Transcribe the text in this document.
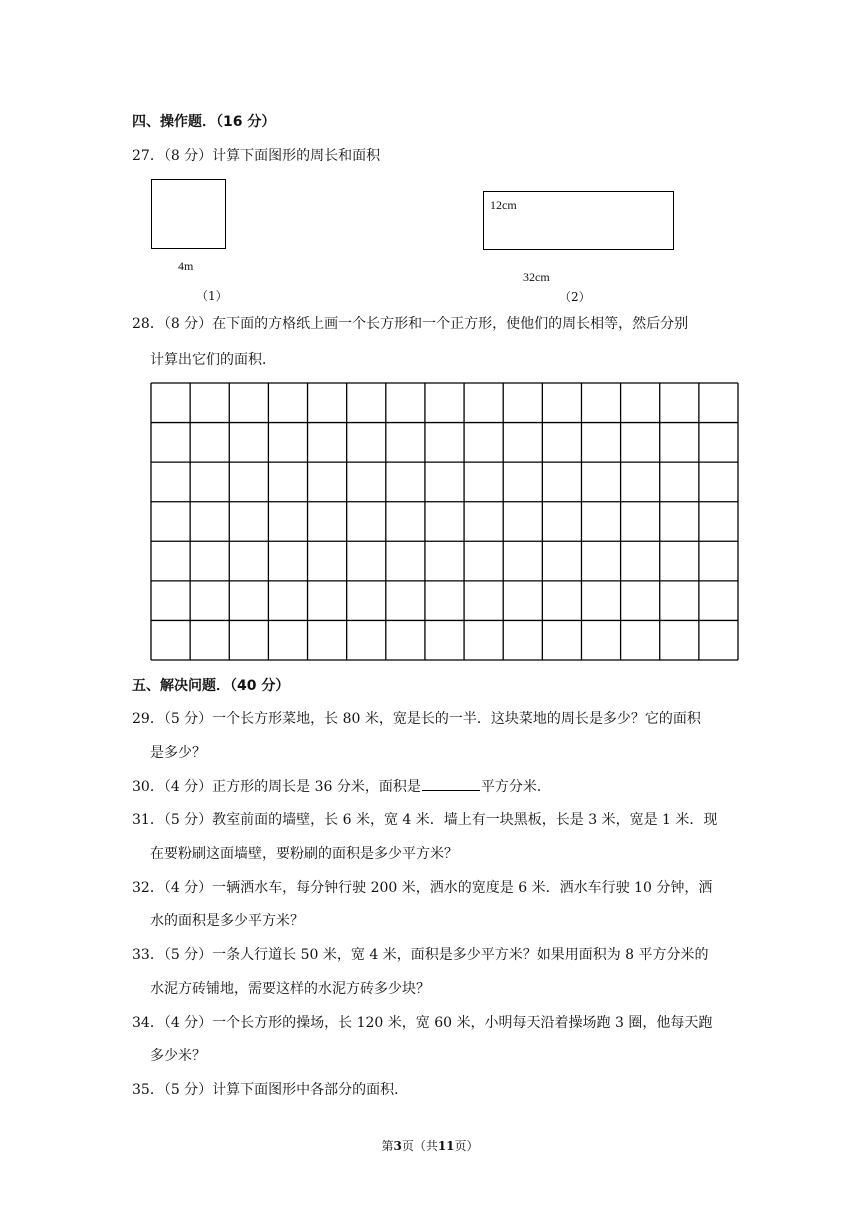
四、操作题．（16 分）
27．（8 分）计算下面图形的周长和面积
4m
（1）
12cm
32cm
（2）
28．（8 分）在下面的方格纸上画一个长方形和一个正方形，使他们的周长相等，然后分别
计算出它们的面积．
五、解决问题．（40 分）
29．（5 分）一个长方形菜地，长 80 米，宽是长的一半．这块菜地的周长是多少？它的面积
是多少？
30．（4 分）正方形的周长是 36 分米，面积是	平方分米．
31．（5 分）教室前面的墙壁，长 6 米，宽 4 米．墙上有一块黑板，长是 3 米，宽是 1 米．现
在要粉刷这面墙壁，要粉刷的面积是多少平方米？
32．（4 分）一辆洒水车，每分钟行驶 200 米，洒水的宽度是 6 米．洒水车行驶 10 分钟，洒
水的面积是多少平方米？
33．（5 分）一条人行道长 50 米，宽 4 米，面积是多少平方米？如果用面积为 8 平方分米的
水泥方砖铺地，需要这样的水泥方砖多少块？
34．（4 分）一个长方形的操场，长 120 米，宽 60 米，小明每天沿着操场跑 3 圈，他每天跑
多少米？
35．（5 分）计算下面图形中各部分的面积．
第3页（共11页）
